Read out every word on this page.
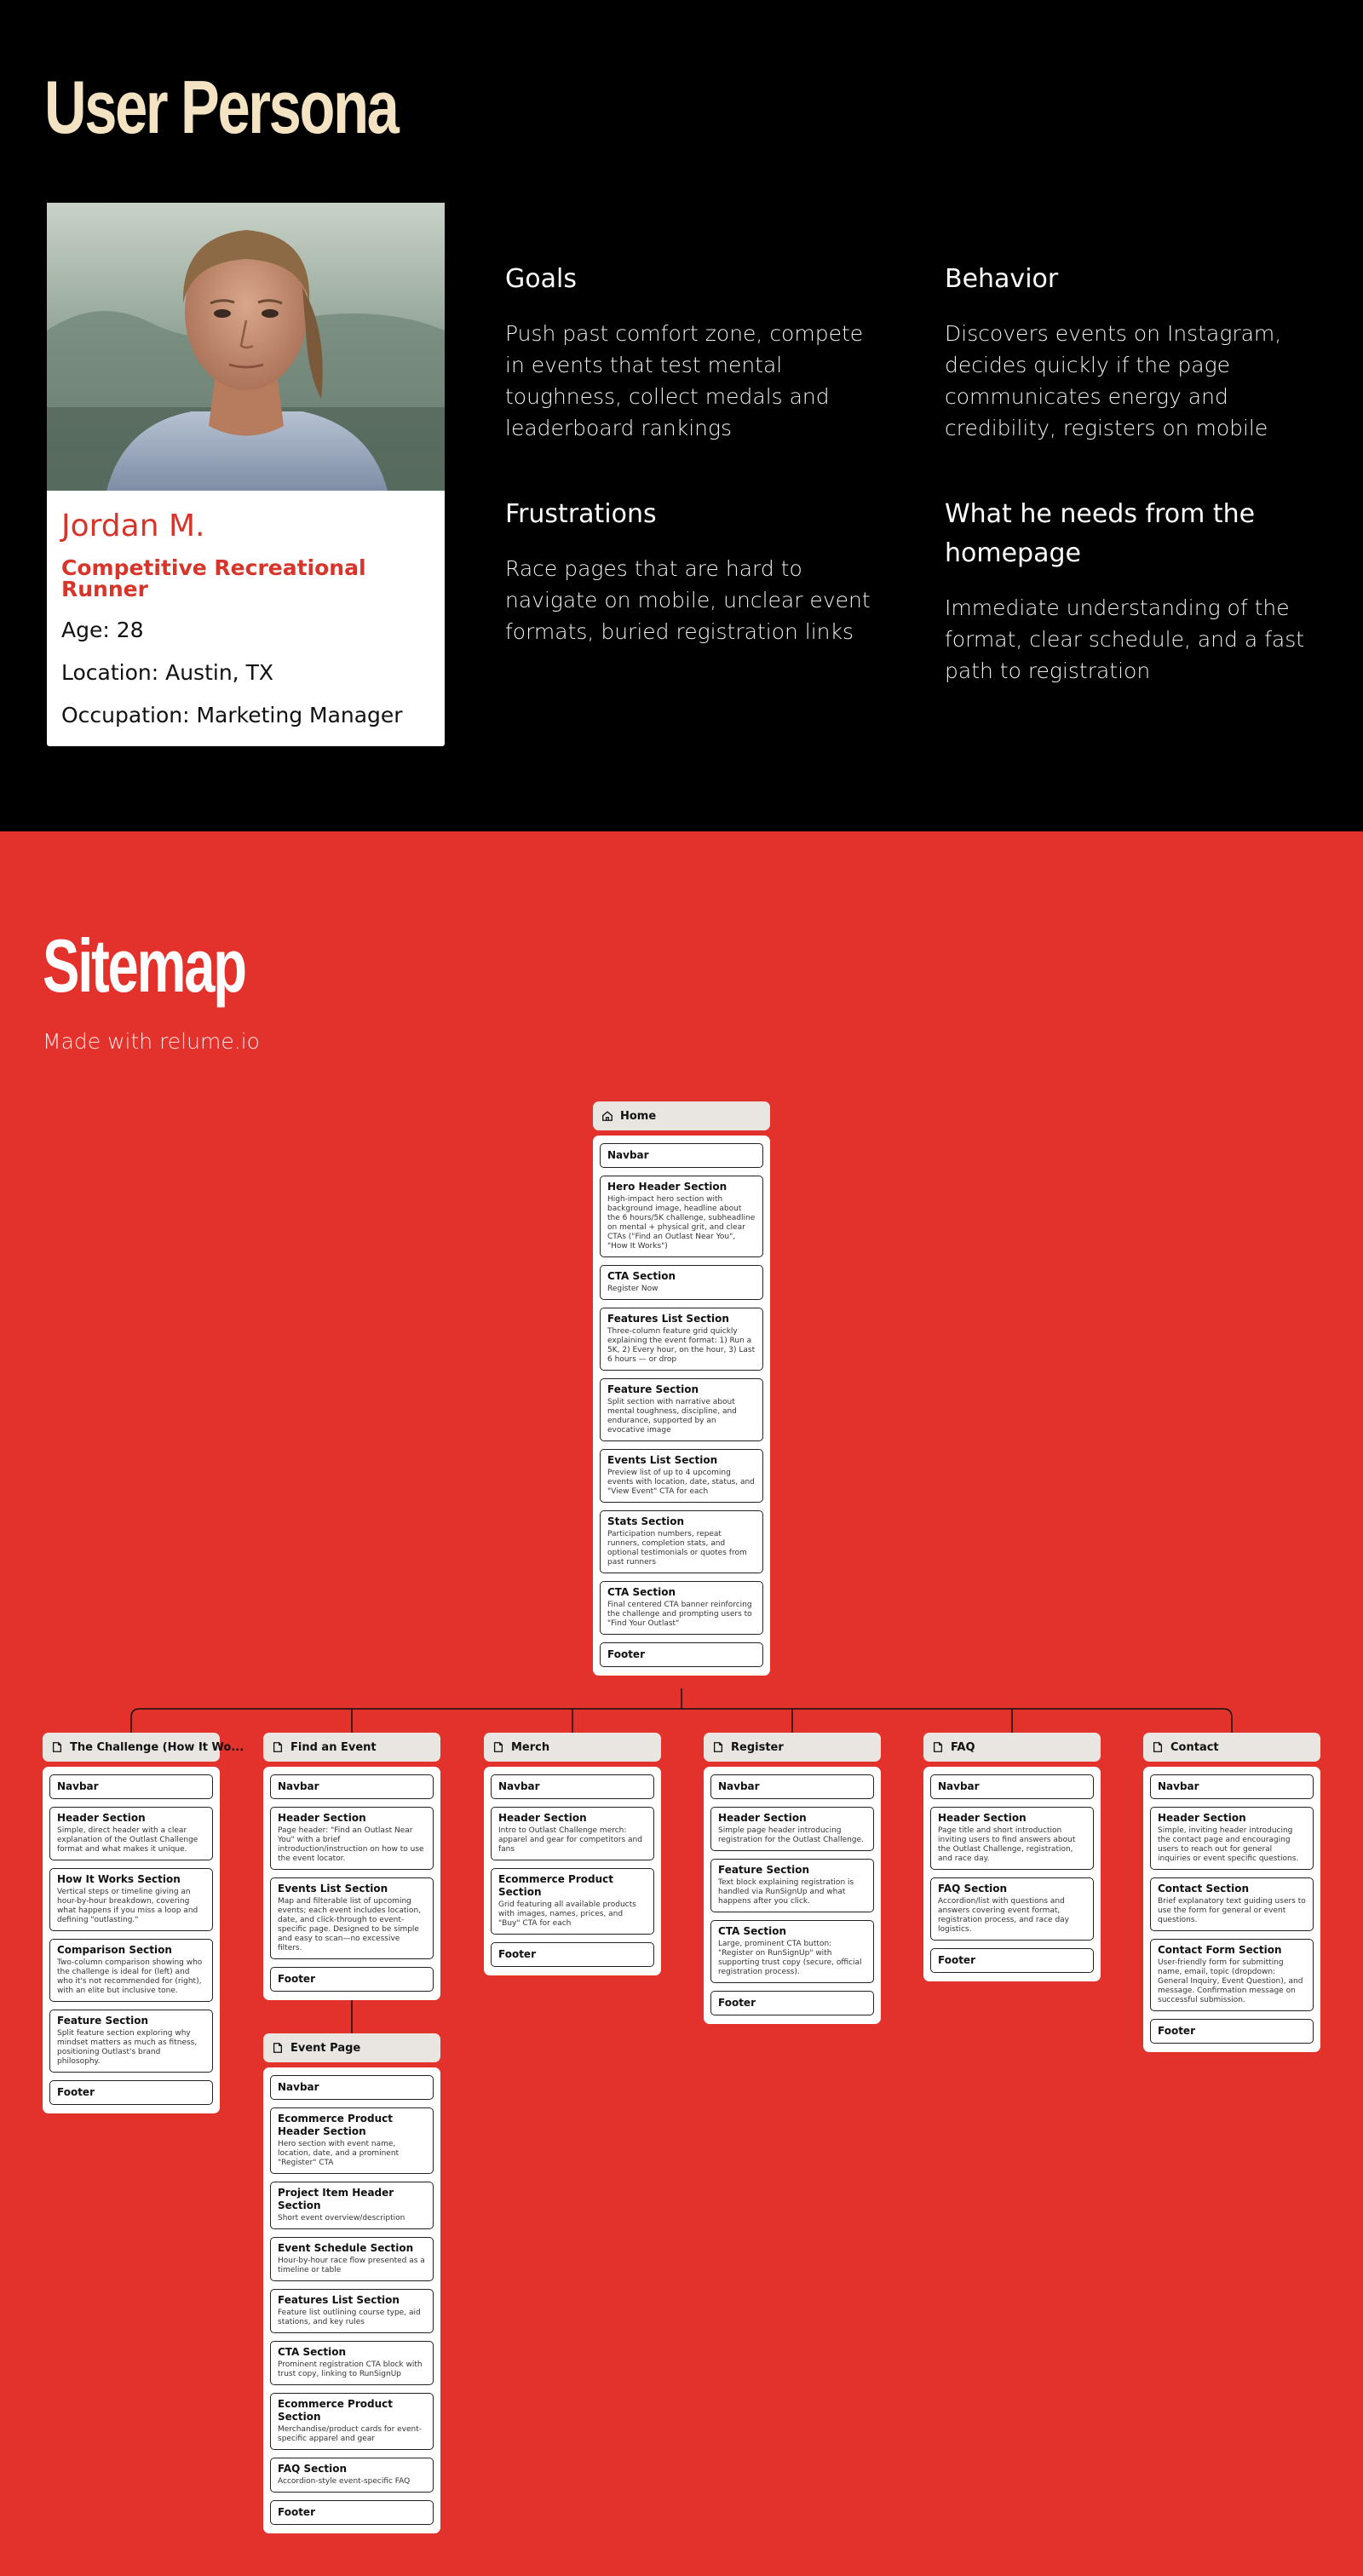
User Persona
Jordan M.
Competitive Recreational Runner
Age: 28
Location: Austin, TX
Occupation: Marketing Manager
Goals

Push past comfort zone, compete in events that test mental toughness, collect medals and leaderboard rankings

Behavior

Discovers events on Instagram, decides quickly if the page communicates energy and credibility, registers on mobile

Frustrations

Race pages that are hard to navigate on mobile, unclear event formats, buried registration links

What he needs from the homepage

Immediate understanding of the format, clear schedule, and a fast path to registration

Sitemap
Made with relume.io
Home
Navbar
Hero Header Section
High-impact hero section with background image, headline about the 6 hours/5K challenge, subheadline on mental + physical grit, and clear CTAs ("Find an Outlast Near You", "How It Works")
CTA Section
Register Now
Features List Section
Three-column feature grid quickly explaining the event format: 1) Run a 5K, 2) Every hour, on the hour, 3) Last 6 hours — or drop
Feature Section
Split section with narrative about mental toughness, discipline, and endurance, supported by an evocative image
Events List Section
Preview list of up to 4 upcoming events with location, date, status, and "View Event" CTA for each
Stats Section
Participation numbers, repeat runners, completion stats, and optional testimonials or quotes from past runners
CTA Section
Final centered CTA banner reinforcing the challenge and prompting users to "Find Your Outlast"
Footer
The Challenge (How It Wo...
Navbar
Header Section
Simple, direct header with a clear explanation of the Outlast Challenge format and what makes it unique.
How It Works Section
Vertical steps or timeline giving an hour-by-hour breakdown, covering what happens if you miss a loop and defining "outlasting."
Comparison Section
Two-column comparison showing who the challenge is ideal for (left) and who it's not recommended for (right), with an elite but inclusive tone.
Feature Section
Split feature section exploring why mindset matters as much as fitness, positioning Outlast's brand philosophy.
Footer
Find an Event
Navbar
Header Section
Page header: "Find an Outlast Near You" with a brief introduction/instruction on how to use the event locator.
Events List Section
Map and filterable list of upcoming events; each event includes location, date, and click-through to event-specific page. Designed to be simple and easy to scan—no excessive filters.
Footer
Merch
Navbar
Header Section
Intro to Outlast Challenge merch: apparel and gear for competitors and fans
Ecommerce Product Section
Grid featuring all available products with images, names, prices, and "Buy" CTA for each
Footer
Register
Navbar
Header Section
Simple page header introducing registration for the Outlast Challenge.
Feature Section
Text block explaining registration is handled via RunSignUp and what happens after you click.
CTA Section
Large, prominent CTA button: "Register on RunSignUp" with supporting trust copy (secure, official registration process).
Footer
FAQ
Navbar
Header Section
Page title and short introduction inviting users to find answers about the Outlast Challenge, registration, and race day.
FAQ Section
Accordion/list with questions and answers covering event format, registration process, and race day logistics.
Footer
Contact
Navbar
Header Section
Simple, inviting header introducing the contact page and encouraging users to reach out for general inquiries or event specific questions.
Contact Section
Brief explanatory text guiding users to use the form for general or event questions.
Contact Form Section
User-friendly form for submitting name, email, topic (dropdown: General Inquiry, Event Question), and message. Confirmation message on successful submission.
Footer
Event Page
Navbar
Ecommerce Product Header Section
Hero section with event name, location, date, and a prominent "Register" CTA
Project Item Header Section
Short event overview/description
Event Schedule Section
Hour-by-hour race flow presented as a timeline or table
Features List Section
Feature list outlining course type, aid stations, and key rules
CTA Section
Prominent registration CTA block with trust copy, linking to RunSignUp
Ecommerce Product Section
Merchandise/product cards for event-specific apparel and gear
FAQ Section
Accordion-style event-specific FAQ
Footer
